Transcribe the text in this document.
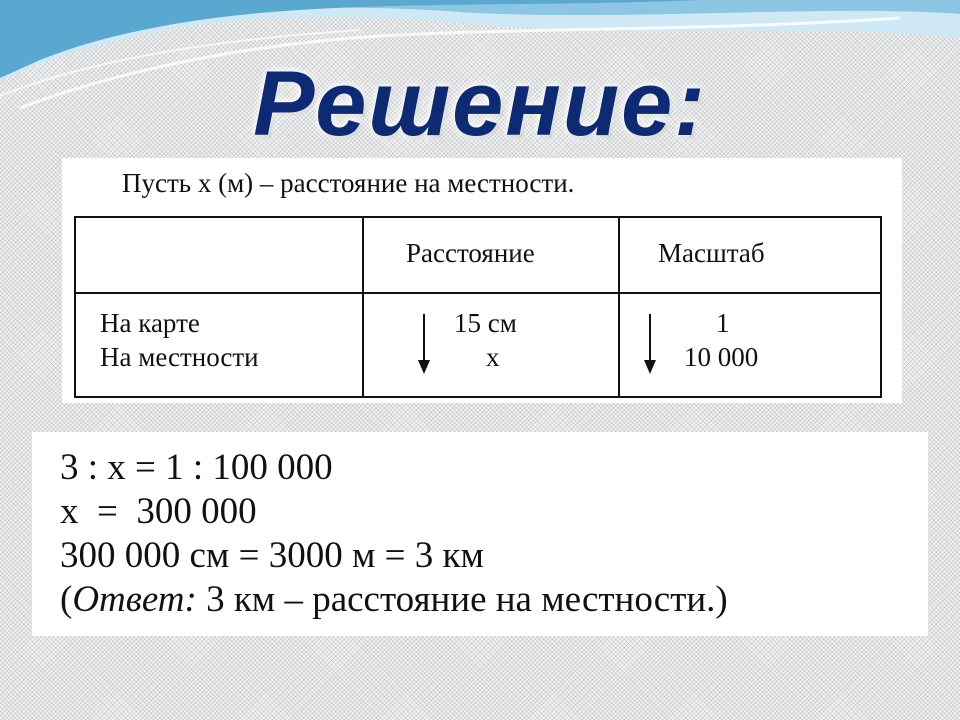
Решение:
Пусть х (м) – расстояние на местности.
Расстояние	Масштаб
На карте
На местности
15 см
х
1
10 000
3 : х = 1 : 100 000
х  =  300 000
300 000 см = 3000 м = 3 км
(Ответ: 3 км – расстояние на местности.)
